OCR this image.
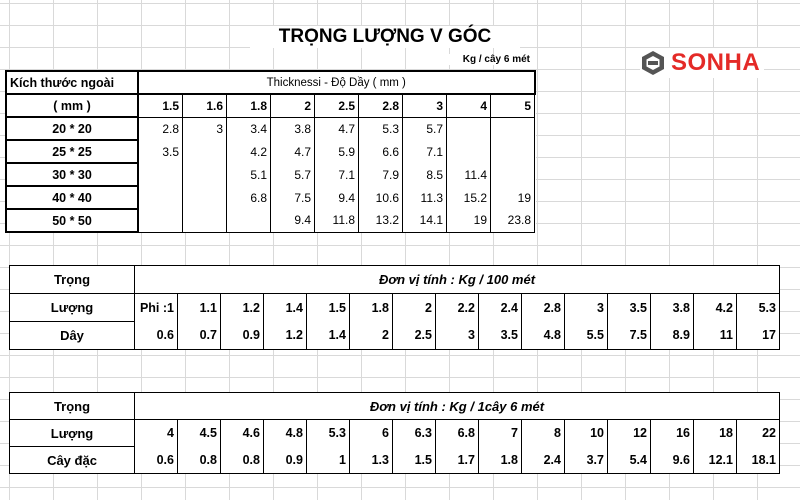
TRỌNG LƯỢNG V GÓC
Kg / cây 6 mét	SONHA
Kích thước ngoài	Thicknessi - Độ Dầy ( mm )								
( mm )	1.5	1.6	1.8	2	2.5	2.8	3	4	5
20 * 20	2.8	3	3.4	3.8	4.7	5.3	5.7		
25 * 25	3.5		4.2	4.7	5.9	6.6	7.1		
30 * 30			5.1	5.7	7.1	7.9	8.5	11.4	
40 * 40			6.8	7.5	9.4	10.6	11.3	15.2	19
50 * 50				9.4	11.8	13.2	14.1	19	23.8
Trọng	Đơn vị tính : Kg / 100 mét														
Lượng	Phi :1	1.1	1.2	1.4	1.5	1.8	2	2.2	2.4	2.8	3	3.5	3.8	4.2	5.3
Dây	0.6	0.7	0.9	1.2	1.4	2	2.5	3	3.5	4.8	5.5	7.5	8.9	11	17
Trọng	Đơn vị tính : Kg / 1cây 6 mét														
Lượng	4	4.5	4.6	4.8	5.3	6	6.3	6.8	7	8	10	12	16	18	22
Cây đặc	0.6	0.8	0.8	0.9	1	1.3	1.5	1.7	1.8	2.4	3.7	5.4	9.6	12.1	18.1
